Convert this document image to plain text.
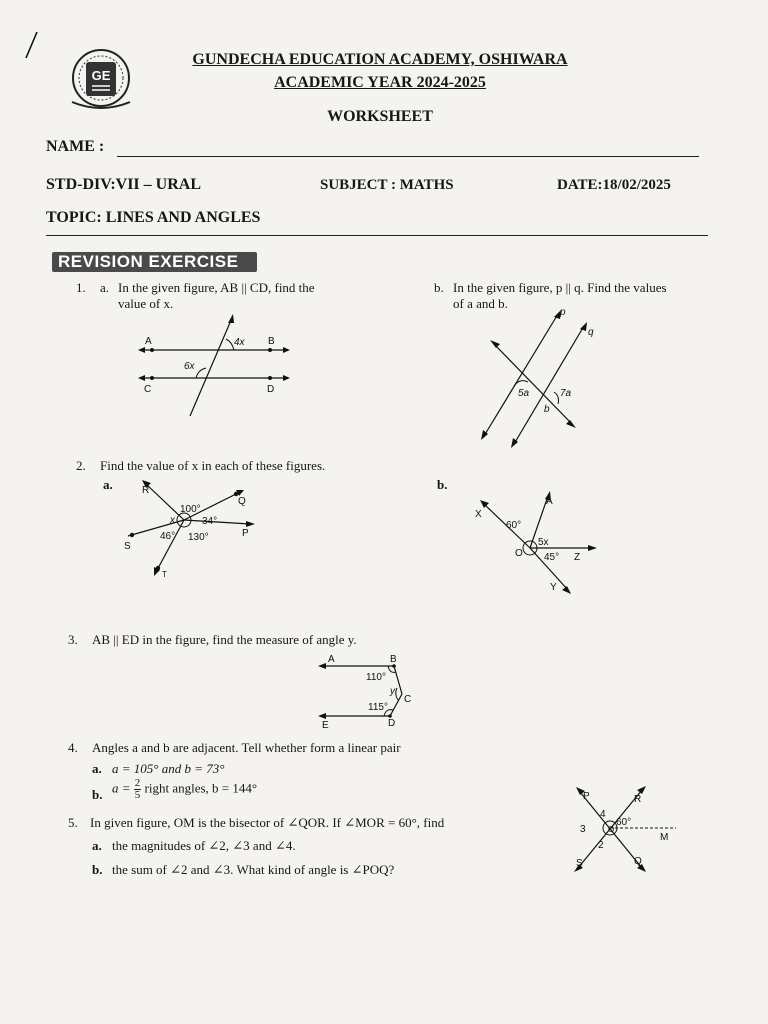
GE
GUNDECHA EDUCATION ACADEMY, OSHIWARA
ACADEMIC YEAR 2024-2025
WORKSHEET
NAME :
STD-DIV:VII – URAL	SUBJECT : MATHS	DATE:18/02/2025
TOPIC: LINES AND ANGLES
REVISION EXERCISE
1. a. In the given figure, AB || CD, find the
value of x.
b. In the given figure, p || q. Find the values
of a and b.
A	B
C	D
4x
6x
p
q
5a	7a
b
2. Find the value of x in each of these figures.
a.	b.
R
Q
P
S
T
x
100°
34°
46° 130°
A
X
O	Z
Y
60°
5x
45°
3. AB || ED in the figure, find the measure of angle y.
A	B
C
D
E
110°
y
115°
4. Angles a and b are adjacent. Tell whether form a linear pair
a. a = 105° and b = 73°
b. $a = \frac{2}{5}$ right angles, b = 144°
5. In given figure, OM is the bisector of ∠QOR. If ∠MOR = 60°, find
a. the magnitudes of ∠2, ∠3 and ∠4.
b. the sum of ∠2 and ∠3. What kind of angle is ∠POQ?
P	R
S	Q
M
O
4
2
3
60°
